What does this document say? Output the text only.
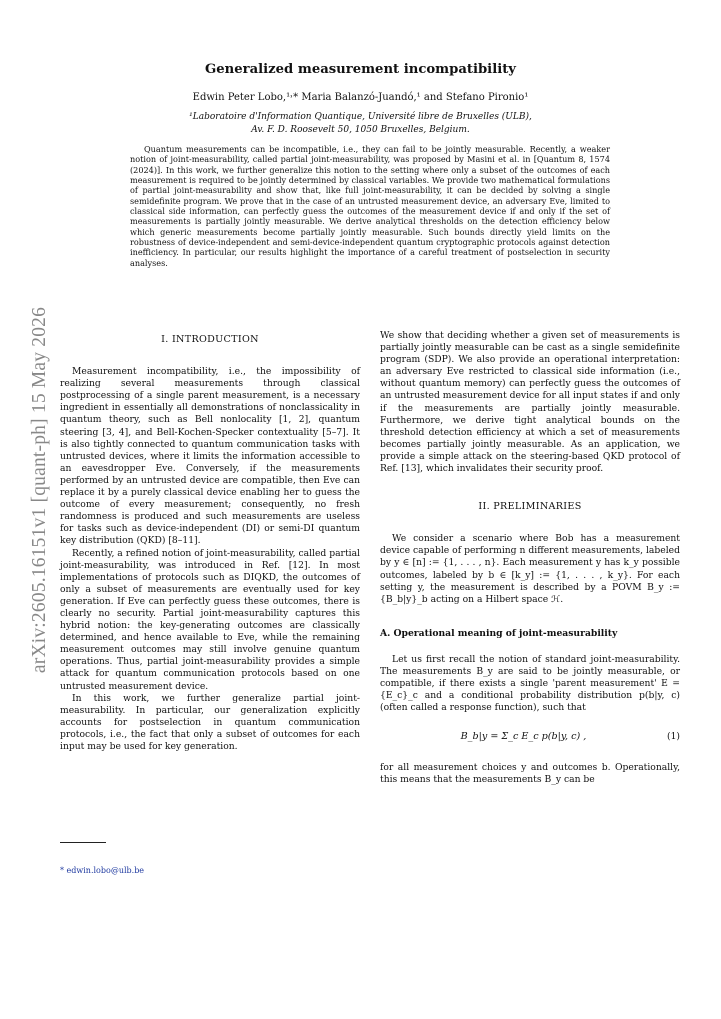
arXiv:2605.16151v1 [quant-ph] 15 May 2026
Generalized measurement incompatibility
Edwin Peter Lobo,¹˒* Maria Balanzó-Juandó,¹ and Stefano Pironio¹
¹Laboratoire d'Information Quantique, Université libre de Bruxelles (ULB),
Av. F. D. Roosevelt 50, 1050 Bruxelles, Belgium.
Quantum measurements can be incompatible, i.e., they can fail to be jointly measurable. Recently, a weaker notion of joint-measurability, called partial joint-measurability, was proposed by Masini et al. in [Quantum 8, 1574 (2024)]. In this work, we further generalize this notion to the setting where only a subset of the outcomes of each measurement is required to be jointly determined by classical variables. We provide two mathematical formulations of partial joint-measurability and show that, like full joint-measurability, it can be decided by solving a single semidefinite program. We prove that in the case of an untrusted measurement device, an adversary Eve, limited to classical side information, can perfectly guess the outcomes of the measurement device if and only if the set of measurements is partially jointly measurable. We derive analytical thresholds on the detection efficiency below which generic measurements become partially jointly measurable. Such bounds directly yield limits on the robustness of device-independent and semi-device-independent quantum cryptographic protocols against detection inefficiency. In particular, our results highlight the importance of a careful treatment of postselection in security analyses.
I. INTRODUCTION

Measurement incompatibility, i.e., the impossibility of realizing several measurements through classical postprocessing of a single parent measurement, is a necessary ingredient in essentially all demonstrations of nonclassicality in quantum theory, such as Bell nonlocality [1, 2], quantum steering [3, 4], and Bell-Kochen-Specker contextuality [5–7]. It is also tightly connected to quantum communication tasks with untrusted devices, where it limits the information accessible to an eavesdropper Eve. Conversely, if the measurements performed by an untrusted device are compatible, then Eve can replace it by a purely classical device enabling her to guess the outcome of every measurement; consequently, no fresh randomness is produced and such measurements are useless for tasks such as device-independent (DI) or semi-DI quantum key distribution (QKD) [8–11].

Recently, a refined notion of joint-measurability, called partial joint-measurability, was introduced in Ref. [12]. In most implementations of protocols such as DIQKD, the outcomes of only a subset of measurements are eventually used for key generation. If Eve can perfectly guess these outcomes, there is clearly no security. Partial joint-measurability captures this hybrid notion: the key-generating outcomes are classically determined, and hence available to Eve, while the remaining measurement outcomes may still involve genuine quantum operations. Thus, partial joint-measurability provides a simple attack for quantum communication protocols based on one untrusted measurement device.

In this work, we further generalize partial joint-measurability. In particular, our generalization explicitly accounts for postselection in quantum communication protocols, i.e., the fact that only a subset of outcomes for each input may be used for key generation.

We show that deciding whether a given set of measurements is partially jointly measurable can be cast as a single semidefinite program (SDP). We also provide an operational interpretation: an adversary Eve restricted to classical side information (i.e., without quantum memory) can perfectly guess the outcomes of an untrusted measurement device for all input states if and only if the measurements are partially jointly measurable. Furthermore, we derive tight analytical bounds on the threshold detection efficiency at which a set of measurements becomes partially jointly measurable. As an application, we provide a simple attack on the steering-based QKD protocol of Ref. [13], which invalidates their security proof.

II. PRELIMINARIES

We consider a scenario where Bob has a measurement device capable of performing n different measurements, labeled by y ∈ [n] := {1, . . . , n}. Each measurement y has k_y possible outcomes, labeled by b ∈ [k_y] := {1, . . . , k_y}. For each setting y, the measurement is described by a POVM B_y := {B_b|y}_b acting on a Hilbert space ℋ.

A. Operational meaning of joint-measurability

Let us first recall the notion of standard joint-measurability. The measurements B_y are said to be jointly measurable, or compatible, if there exists a single 'parent measurement' E = {E_c}_c and a conditional probability distribution p(b|y, c) (often called a response function), such that

B_b|y = Σ_c E_c p(b|y, c) ,	(1)

for all measurement choices y and outcomes b. Operationally, this means that the measurements B_y can be

* edwin.lobo@ulb.be
